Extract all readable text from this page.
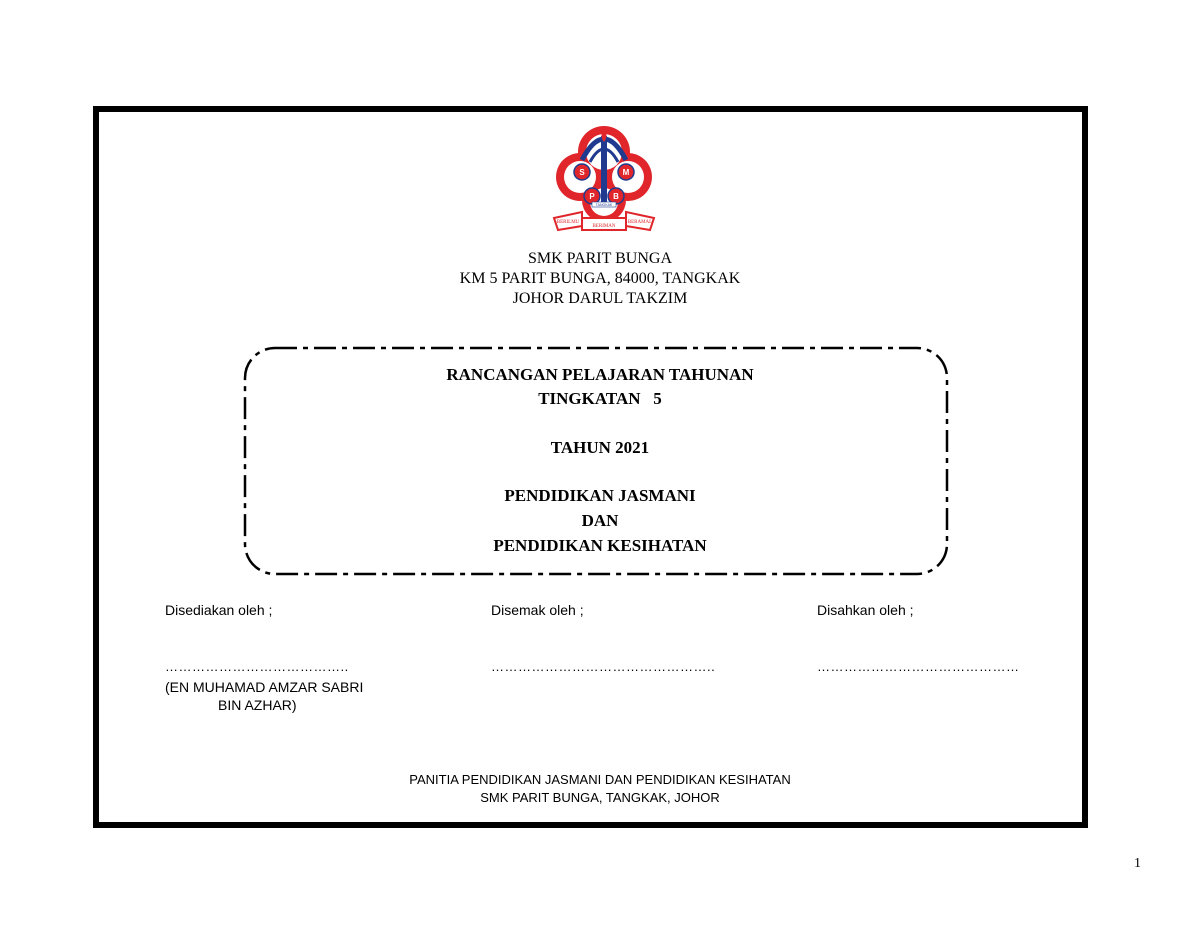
S	M
P B
TANGKAK
BERILMU
BERIMAN
BERAMAL
SMK PARIT BUNGA
KM 5 PARIT BUNGA, 84000, TANGKAK
JOHOR DARUL TAKZIM
RANCANGAN PELAJARAN TAHUNAN
TINGKATAN   5
TAHUN 2021
PENDIDIKAN JASMANI
DAN
PENDIDIKAN KESIHATAN
Disediakan oleh ;	Disemak oleh ;	Disahkan oleh ;
…………………………………..	…………………………………………..	………………………………………
(EN MUHAMAD AMZAR SABRI
BIN AZHAR)
PANITIA PENDIDIKAN JASMANI DAN PENDIDIKAN KESIHATAN
SMK PARIT BUNGA, TANGKAK, JOHOR
1
